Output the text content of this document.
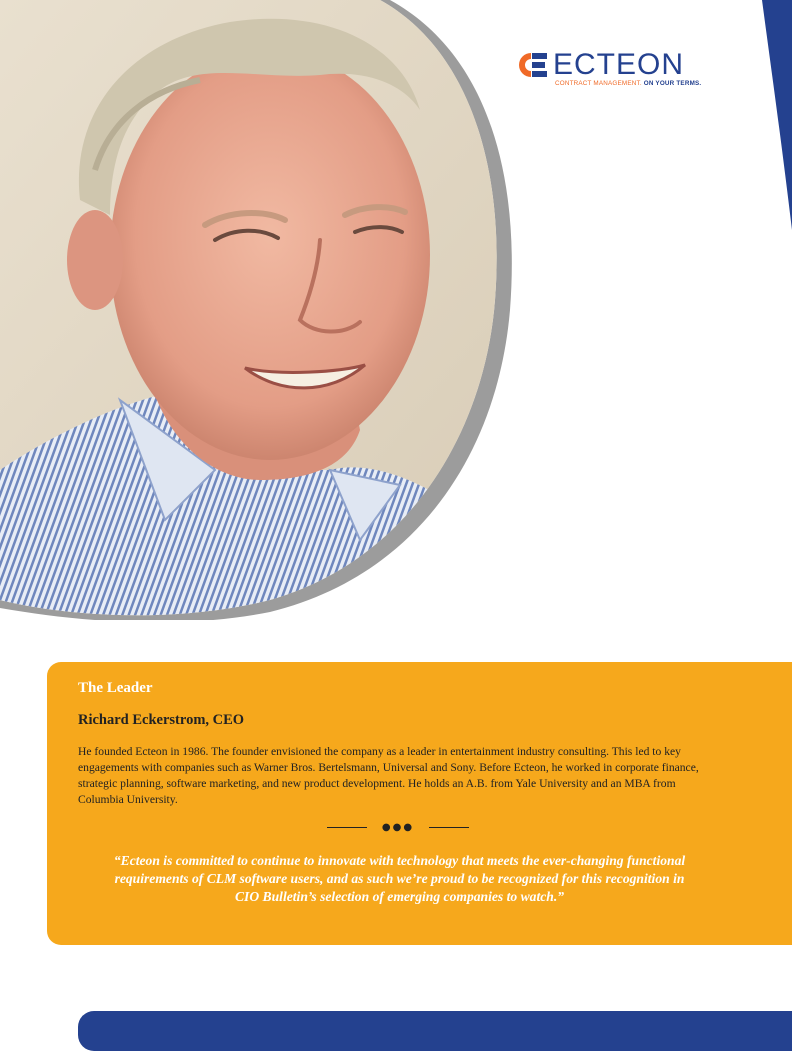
ECTEON
CONTRACT MANAGEMENT. ON YOUR TERMS.
The Leader
Richard Eckerstrom, CEO

He founded Ecteon in 1986. The founder envisioned the company as a leader in entertainment industry consulting. This led to key engagements with companies such as Warner Bros. Bertelsmann, Universal and Sony. Before Ecteon, he worked in corporate finance, strategic planning, software marketing, and new product development. He holds an A.B. from Yale University and an MBA from Columbia University.

●●●

“Ecteon is committed to continue to innovate with technology that meets the ever-changing functional requirements of CLM software users, and as such we’re proud to be recognized for this recognition in CIO Bulletin’s selection of emerging companies to watch.”
